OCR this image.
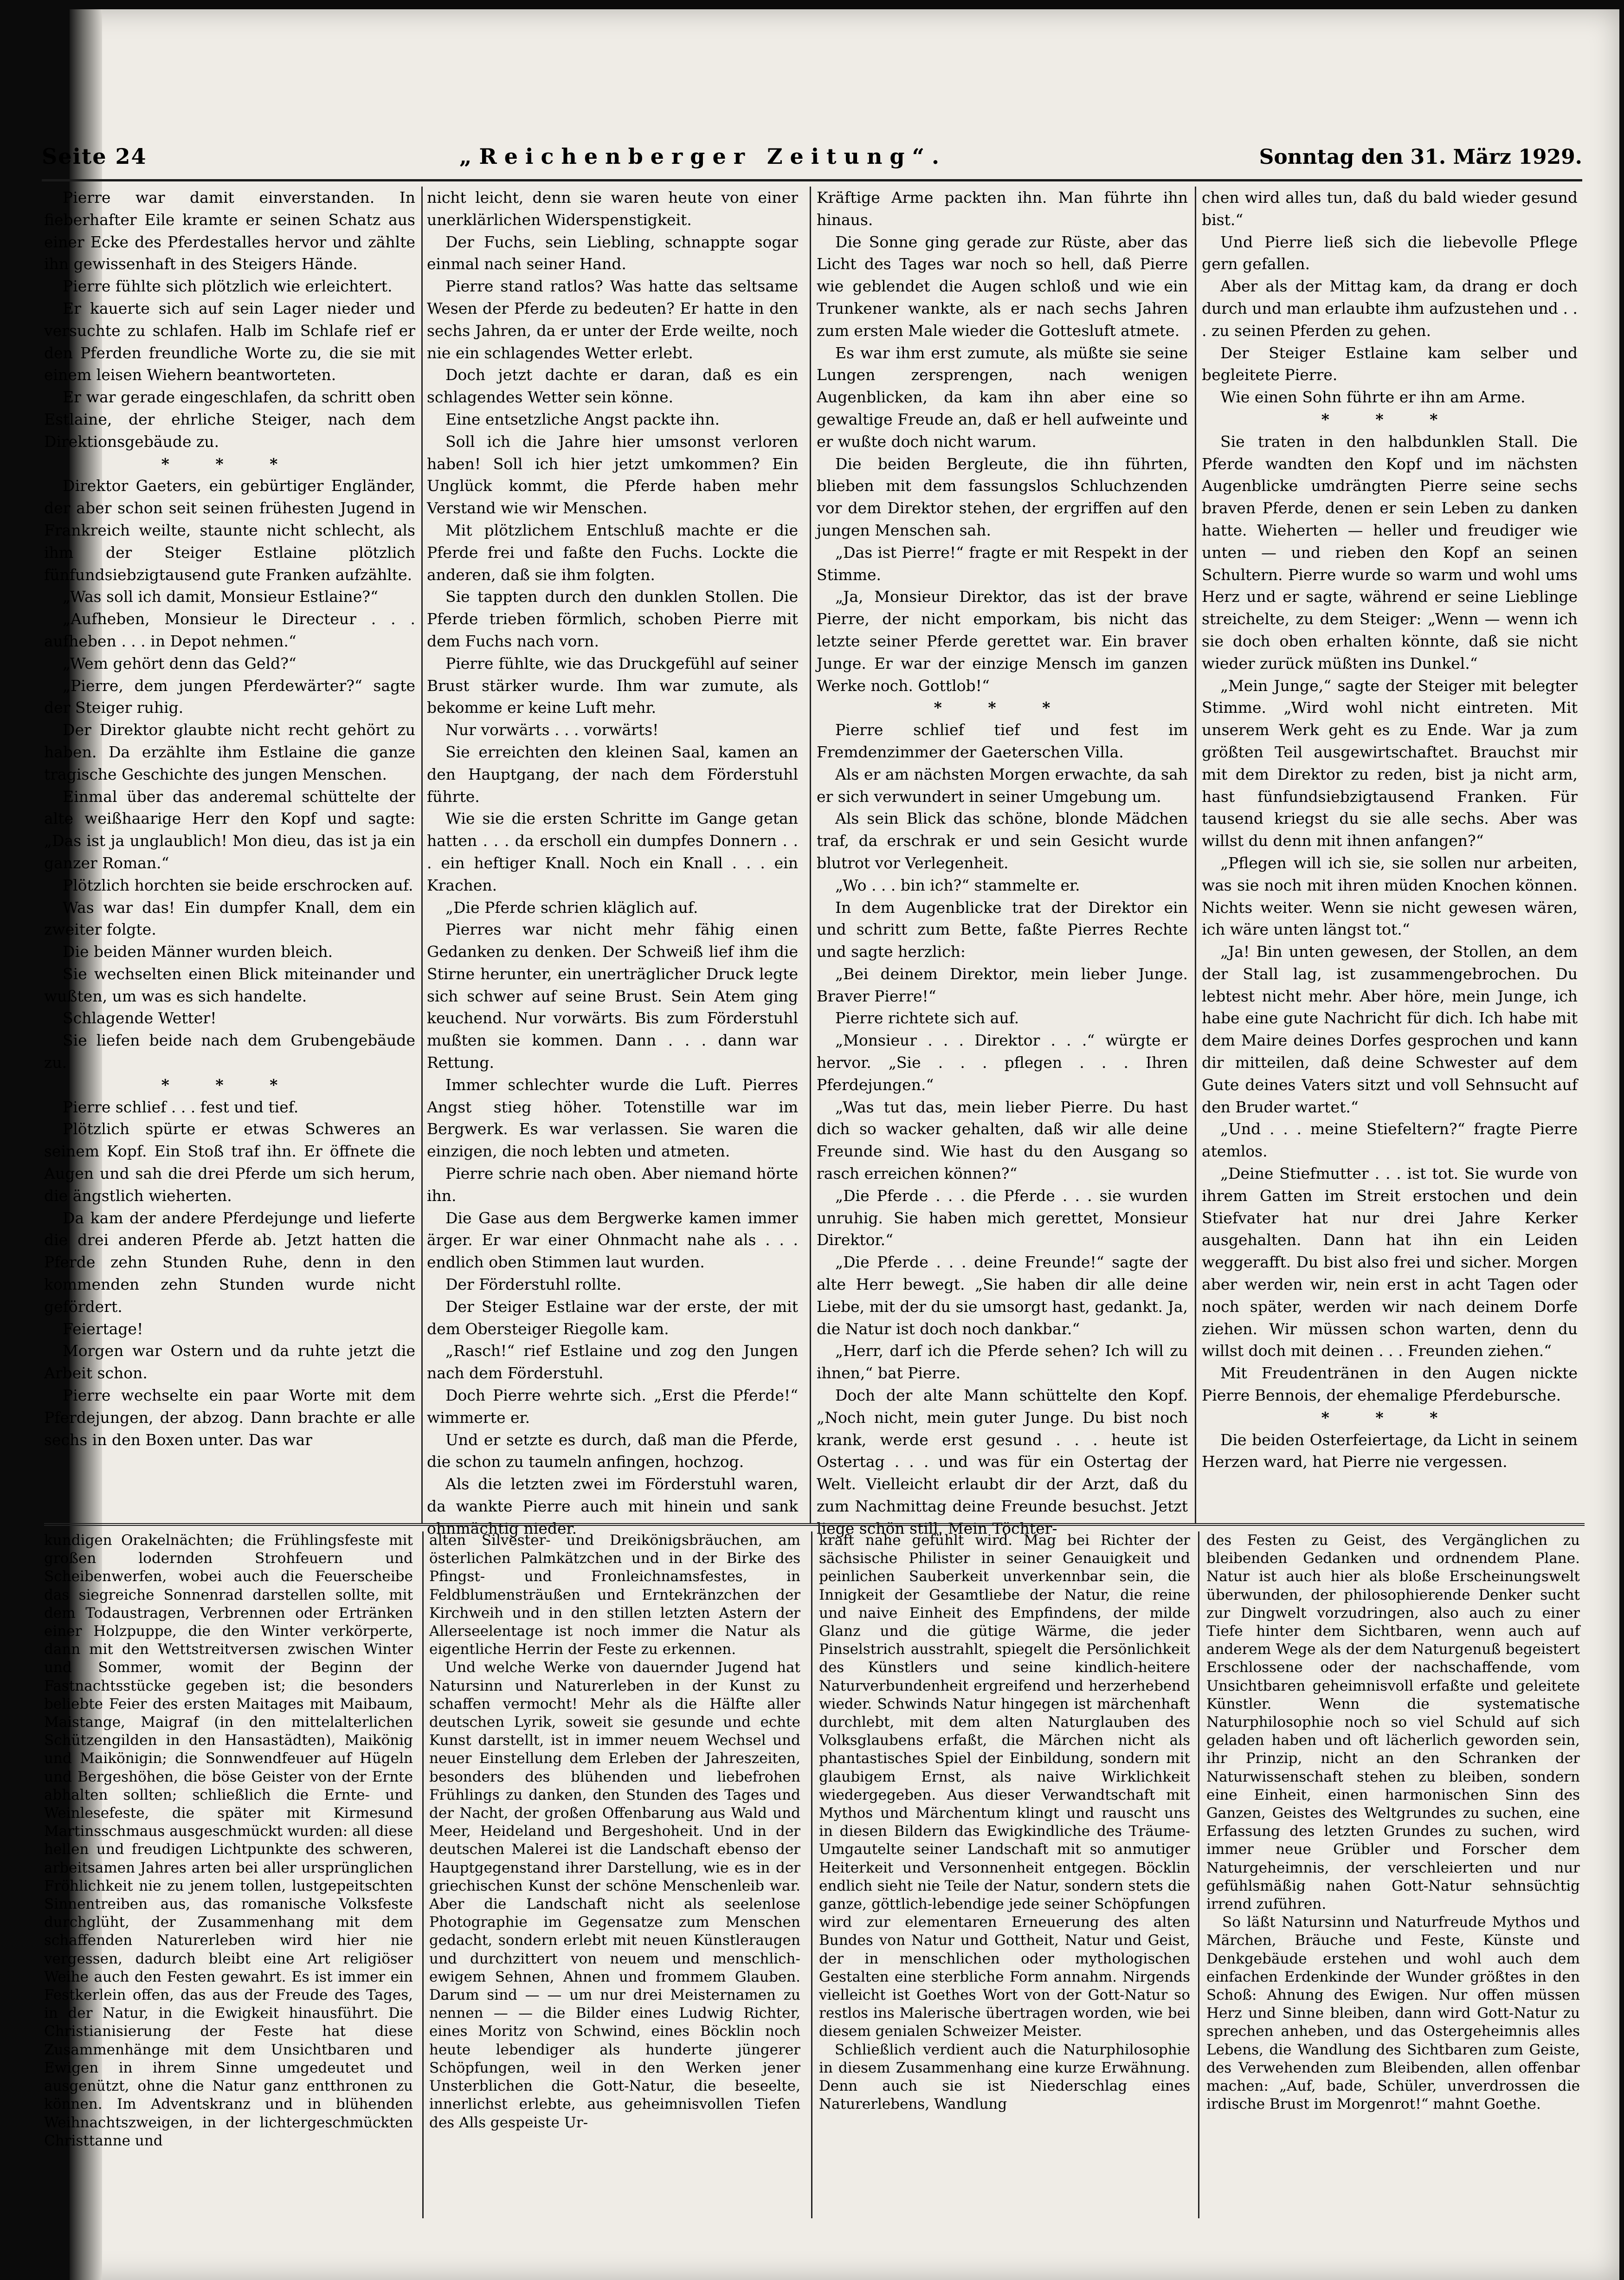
Seite 24	„Reichenberger Zeitung“.	Sonntag den 31. März 1929.

Pierre war damit einverstanden. In fieberhafter Eile kramte er seinen Schatz aus einer Ecke des Pferdestalles hervor und zählte ihn gewissenhaft in des Steigers Hände.

Pierre fühlte sich plötzlich wie erleichtert.

Er kauerte sich auf sein Lager nieder und versuchte zu schlafen. Halb im Schlafe rief er den Pferden freundliche Worte zu, die sie mit einem leisen Wiehern beantworteten.

Er war gerade eingeschlafen, da schritt oben Estlaine, der ehrliche Steiger, nach dem Direktionsgebäude zu.

* * *

Direktor Gaeters, ein gebürtiger Engländer, der aber schon seit seinen frühesten Jugend in Frankreich weilte, staunte nicht schlecht, als ihm der Steiger Estlaine plötzlich fünfundsiebzigtausend gute Franken aufzählte.

„Was soll ich damit, Monsieur Estlaine?“

„Aufheben, Monsieur le Directeur . . . aufheben . . . in Depot nehmen.“

„Wem gehört denn das Geld?“

„Pierre, dem jungen Pferdewärter?“ sagte der Steiger ruhig.

Der Direktor glaubte nicht recht gehört zu haben. Da erzählte ihm Estlaine die ganze tragische Geschichte des jungen Menschen.

Einmal über das anderemal schüttelte der alte weißhaarige Herr den Kopf und sagte: „Das ist ja unglaublich! Mon dieu, das ist ja ein ganzer Roman.“

Plötzlich horchten sie beide erschrocken auf.

Was war das! Ein dumpfer Knall, dem ein zweiter folgte.

Die beiden Männer wurden bleich.

Sie wechselten einen Blick miteinander und wußten, um was es sich handelte.

Schlagende Wetter!

Sie liefen beide nach dem Grubengebäude zu.

* * *

Pierre schlief . . . fest und tief.

Plötzlich spürte er etwas Schweres an seinem Kopf. Ein Stoß traf ihn. Er öffnete die Augen und sah die drei Pferde um sich herum, die ängstlich wieherten.

Da kam der andere Pferdejunge und lieferte die drei anderen Pferde ab. Jetzt hatten die Pferde zehn Stunden Ruhe, denn in den kommenden zehn Stunden wurde nicht gefördert.

Feiertage!

Morgen war Ostern und da ruhte jetzt die Arbeit schon.

Pierre wechselte ein paar Worte mit dem Pferdejungen, der abzog. Dann brachte er alle sechs in den Boxen unter. Das war

nicht leicht, denn sie waren heute von einer unerklärlichen Widerspenstigkeit.

Der Fuchs, sein Liebling, schnappte sogar einmal nach seiner Hand.

Pierre stand ratlos? Was hatte das seltsame Wesen der Pferde zu bedeuten? Er hatte in den sechs Jahren, da er unter der Erde weilte, noch nie ein schlagendes Wetter erlebt.

Doch jetzt dachte er daran, daß es ein schlagendes Wetter sein könne.

Eine entsetzliche Angst packte ihn.

Soll ich die Jahre hier umsonst verloren haben! Soll ich hier jetzt umkommen? Ein Unglück kommt, die Pferde haben mehr Verstand wie wir Menschen.

Mit plötzlichem Entschluß machte er die Pferde frei und faßte den Fuchs. Lockte die anderen, daß sie ihm folgten.

Sie tappten durch den dunklen Stollen. Die Pferde trieben förmlich, schoben Pierre mit dem Fuchs nach vorn.

Pierre fühlte, wie das Druckgefühl auf seiner Brust stärker wurde. Ihm war zumute, als bekomme er keine Luft mehr.

Nur vorwärts . . . vorwärts!

Sie erreichten den kleinen Saal, kamen an den Hauptgang, der nach dem Förderstuhl führte.

Wie sie die ersten Schritte im Gange getan hatten . . . da erscholl ein dumpfes Donnern . . . ein heftiger Knall. Noch ein Knall . . . ein Krachen.

„Die Pferde schrien kläglich auf.

Pierres war nicht mehr fähig einen Gedanken zu denken. Der Schweiß lief ihm die Stirne herunter, ein unerträglicher Druck legte sich schwer auf seine Brust. Sein Atem ging keuchend. Nur vorwärts. Bis zum Förderstuhl mußten sie kommen. Dann . . . dann war Rettung.

Immer schlechter wurde die Luft. Pierres Angst stieg höher. Totenstille war im Bergwerk. Es war verlassen. Sie waren die einzigen, die noch lebten und atmeten.

Pierre schrie nach oben. Aber niemand hörte ihn.

Die Gase aus dem Bergwerke kamen immer ärger. Er war einer Ohnmacht nahe als . . . endlich oben Stimmen laut wurden.

Der Förderstuhl rollte.

Der Steiger Estlaine war der erste, der mit dem Obersteiger Riegolle kam.

„Rasch!“ rief Estlaine und zog den Jungen nach dem Förderstuhl.

Doch Pierre wehrte sich. „Erst die Pferde!“ wimmerte er.

Und er setzte es durch, daß man die Pferde, die schon zu taumeln anfingen, hochzog.

Als die letzten zwei im Förderstuhl waren, da wankte Pierre auch mit hinein und sank ohnmächtig nieder.

Kräftige Arme packten ihn. Man führte ihn hinaus.

Die Sonne ging gerade zur Rüste, aber das Licht des Tages war noch so hell, daß Pierre wie geblendet die Augen schloß und wie ein Trunkener wankte, als er nach sechs Jahren zum ersten Male wieder die Gottesluft atmete.

Es war ihm erst zumute, als müßte sie seine Lungen zersprengen, nach wenigen Augenblicken, da kam ihn aber eine so gewaltige Freude an, daß er hell aufweinte und er wußte doch nicht warum.

Die beiden Bergleute, die ihn führten, blieben mit dem fassungslos Schluchzenden vor dem Direktor stehen, der ergriffen auf den jungen Menschen sah.

„Das ist Pierre!“ fragte er mit Respekt in der Stimme.

„Ja, Monsieur Direktor, das ist der brave Pierre, der nicht emporkam, bis nicht das letzte seiner Pferde gerettet war. Ein braver Junge. Er war der einzige Mensch im ganzen Werke noch. Gottlob!“

* * *

Pierre schlief tief und fest im Fremdenzimmer der Gaeterschen Villa.

Als er am nächsten Morgen erwachte, da sah er sich verwundert in seiner Umgebung um.

Als sein Blick das schöne, blonde Mädchen traf, da erschrak er und sein Gesicht wurde blutrot vor Verlegenheit.

„Wo . . . bin ich?“ stammelte er.

In dem Augenblicke trat der Direktor ein und schritt zum Bette, faßte Pierres Rechte und sagte herzlich:

„Bei deinem Direktor, mein lieber Junge. Braver Pierre!“

Pierre richtete sich auf.

„Monsieur . . . Direktor . . .“ würgte er hervor. „Sie . . . pflegen . . . Ihren Pferdejungen.“

„Was tut das, mein lieber Pierre. Du hast dich so wacker gehalten, daß wir alle deine Freunde sind. Wie hast du den Ausgang so rasch erreichen können?“

„Die Pferde . . . die Pferde . . . sie wurden unruhig. Sie haben mich gerettet, Monsieur Direktor.“

„Die Pferde . . . deine Freunde!“ sagte der alte Herr bewegt. „Sie haben dir alle deine Liebe, mit der du sie umsorgt hast, gedankt. Ja, die Natur ist doch noch dankbar.“

„Herr, darf ich die Pferde sehen? Ich will zu ihnen,“ bat Pierre.

Doch der alte Mann schüttelte den Kopf. „Noch nicht, mein guter Junge. Du bist noch krank, werde erst gesund . . . heute ist Ostertag . . . und was für ein Ostertag der Welt. Vielleicht erlaubt dir der Arzt, daß du zum Nachmittag deine Freunde besuchst. Jetzt liege schön still. Mein Töchter-

chen wird alles tun, daß du bald wieder gesund bist.“

Und Pierre ließ sich die liebevolle Pflege gern gefallen.

Aber als der Mittag kam, da drang er doch durch und man erlaubte ihm aufzustehen und . . . zu seinen Pferden zu gehen.

Der Steiger Estlaine kam selber und begleitete Pierre.

Wie einen Sohn führte er ihn am Arme.

* * *

Sie traten in den halbdunklen Stall. Die Pferde wandten den Kopf und im nächsten Augenblicke umdrängten Pierre seine sechs braven Pferde, denen er sein Leben zu danken hatte. Wieherten — heller und freudiger wie unten — und rieben den Kopf an seinen Schultern. Pierre wurde so warm und wohl ums Herz und er sagte, während er seine Lieblinge streichelte, zu dem Steiger: „Wenn — wenn ich sie doch oben erhalten könnte, daß sie nicht wieder zurück müßten ins Dunkel.“

„Mein Junge,“ sagte der Steiger mit belegter Stimme. „Wird wohl nicht eintreten. Mit unserem Werk geht es zu Ende. War ja zum größten Teil ausgewirtschaftet. Brauchst mir mit dem Direktor zu reden, bist ja nicht arm, hast fünfundsiebzigtausend Franken. Für tausend kriegst du sie alle sechs. Aber was willst du denn mit ihnen anfangen?“

„Pflegen will ich sie, sie sollen nur arbeiten, was sie noch mit ihren müden Knochen können. Nichts weiter. Wenn sie nicht gewesen wären, ich wäre unten längst tot.“

„Ja! Bin unten gewesen, der Stollen, an dem der Stall lag, ist zusammengebrochen. Du lebtest nicht mehr. Aber höre, mein Junge, ich habe eine gute Nachricht für dich. Ich habe mit dem Maire deines Dorfes gesprochen und kann dir mitteilen, daß deine Schwester auf dem Gute deines Vaters sitzt und voll Sehnsucht auf den Bruder wartet.“

„Und . . . meine Stiefeltern?“ fragte Pierre atemlos.

„Deine Stiefmutter . . . ist tot. Sie wurde von ihrem Gatten im Streit erstochen und dein Stiefvater hat nur drei Jahre Kerker ausgehalten. Dann hat ihn ein Leiden weggerafft. Du bist also frei und sicher. Morgen aber werden wir, nein erst in acht Tagen oder noch später, werden wir nach deinem Dorfe ziehen. Wir müssen schon warten, denn du willst doch mit deinen . . . Freunden ziehen.“

Mit Freudentränen in den Augen nickte Pierre Bennois, der ehemalige Pferdebursche.

* * *

Die beiden Osterfeiertage, da Licht in seinem Herzen ward, hat Pierre nie vergessen.

kundigen Orakelnächten; die Frühlingsfeste mit großen lodernden Strohfeuern und Scheibenwerfen, wobei auch die Feuerscheibe das siegreiche Sonnenrad darstellen sollte, mit dem Todaustragen, Verbrennen oder Ertränken einer Holzpuppe, die den Winter verkörperte, dann mit den Wettstreitversen zwischen Winter und Sommer, womit der Beginn der Fastnachtsstücke gegeben ist; die besonders beliebte Feier des ersten Maitages mit Maibaum, Maistange, Maigraf (in den mittelalterlichen Schützengilden in den Hansastädten), Maikönig und Maikönigin; die Sonnwendfeuer auf Hügeln und Bergeshöhen, die böse Geister von der Ernte abhalten sollten; schließlich die Ernte- und Weinlesefeste, die später mit Kirmesund Martinsschmaus ausgeschmückt wurden: all diese hellen und freudigen Lichtpunkte des schweren, arbeitsamen Jahres arten bei aller ursprünglichen Fröhlichkeit nie zu jenem tollen, lustgepeitschten Sinnentreiben aus, das romanische Volksfeste durchglüht, der Zusammenhang mit dem schaffenden Naturerleben wird hier nie vergessen, dadurch bleibt eine Art religiöser Weihe auch den Festen gewahrt. Es ist immer ein Festkerlein offen, das aus der Freude des Tages, in der Natur, in die Ewigkeit hinausführt. Die Christianisierung der Feste hat diese Zusammenhänge mit dem Unsichtbaren und Ewigen in ihrem Sinne umgedeutet und ausgenützt, ohne die Natur ganz entthronen zu können. Im Adventskranz und in blühenden Weihnachtszweigen, in der lichtergeschmückten Christtanne und

alten Silvester- und Dreikönigsbräuchen, am österlichen Palmkätzchen und in der Birke des Pfingst- und Fronleichnamsfestes, in Feldblumensträußen und Erntekränzchen der Kirchweih und in den stillen letzten Astern der Allerseelentage ist noch immer die Natur als eigentliche Herrin der Feste zu erkennen.

Und welche Werke von dauernder Jugend hat Natursinn und Naturerleben in der Kunst zu schaffen vermocht! Mehr als die Hälfte aller deutschen Lyrik, soweit sie gesunde und echte Kunst darstellt, ist in immer neuem Wechsel und neuer Einstellung dem Erleben der Jahreszeiten, besonders des blühenden und liebefrohen Frühlings zu danken, den Stunden des Tages und der Nacht, der großen Offenbarung aus Wald und Meer, Heideland und Bergeshoheit. Und in der deutschen Malerei ist die Landschaft ebenso der Hauptgegenstand ihrer Darstellung, wie es in der griechischen Kunst der schöne Menschenleib war. Aber die Landschaft nicht als seelenlose Photographie im Gegensatze zum Menschen gedacht, sondern erlebt mit neuen Künstleraugen und durchzittert von neuem und menschlich-ewigem Sehnen, Ahnen und frommem Glauben. Darum sind — — um nur drei Meisternamen zu nennen — — die Bilder eines Ludwig Richter, eines Moritz von Schwind, eines Böcklin noch heute lebendiger als hunderte jüngerer Schöpfungen, weil in den Werken jener Unsterblichen die Gott-Natur, die beseelte, innerlichst erlebte, aus geheimnisvollen Tiefen des Alls gespeiste Ur-

kraft nahe gefühlt wird. Mag bei Richter der sächsische Philister in seiner Genauigkeit und peinlichen Sauberkeit unverkennbar sein, die Innigkeit der Gesamtliebe der Natur, die reine und naive Einheit des Empfindens, der milde Glanz und die gütige Wärme, die jeder Pinselstrich ausstrahlt, spiegelt die Persönlichkeit des Künstlers und seine kindlich-heitere Naturverbundenheit ergreifend und herzerhebend wieder. Schwinds Natur hingegen ist märchenhaft durchlebt, mit dem alten Naturglauben des Volksglaubens erfaßt, die Märchen nicht als phantastisches Spiel der Einbildung, sondern mit glaubigem Ernst, als naive Wirklichkeit wiedergegeben. Aus dieser Verwandtschaft mit Mythos und Märchentum klingt und rauscht uns in diesen Bildern das Ewigkindliche des Träume-Umgautelte seiner Landschaft mit so anmutiger Heiterkeit und Versonnenheit entgegen. Böcklin endlich sieht nie Teile der Natur, sondern stets die ganze, göttlich-lebendige jede seiner Schöpfungen wird zur elementaren Erneuerung des alten Bundes von Natur und Gottheit, Natur und Geist, der in menschlichen oder mythologischen Gestalten eine sterbliche Form annahm. Nirgends vielleicht ist Goethes Wort von der Gott-Natur so restlos ins Malerische übertragen worden, wie bei diesem genialen Schweizer Meister.

Schließlich verdient auch die Naturphilosophie in diesem Zusammenhang eine kurze Erwähnung. Denn auch sie ist Niederschlag eines Naturerlebens, Wandlung

des Festen zu Geist, des Vergänglichen zu bleibenden Gedanken und ordnendem Plane. Natur ist auch hier als bloße Erscheinungswelt überwunden, der philosophierende Denker sucht zur Dingwelt vorzudringen, also auch zu einer Tiefe hinter dem Sichtbaren, wenn auch auf anderem Wege als der dem Naturgenuß begeistert Erschlossene oder der nachschaffende, vom Unsichtbaren geheimnisvoll erfaßte und geleitete Künstler. Wenn die systematische Naturphilosophie noch so viel Schuld auf sich geladen haben und oft lächerlich geworden sein, ihr Prinzip, nicht an den Schranken der Naturwissenschaft stehen zu bleiben, sondern eine Einheit, einen harmonischen Sinn des Ganzen, Geistes des Weltgrundes zu suchen, eine Erfassung des letzten Grundes zu suchen, wird immer neue Grübler und Forscher dem Naturgeheimnis, der verschleierten und nur gefühlsmäßig nahen Gott-Natur sehnsüchtig irrend zuführen.

So läßt Natursinn und Naturfreude Mythos und Märchen, Bräuche und Feste, Künste und Denkgebäude erstehen und wohl auch dem einfachen Erdenkinde der Wunder größtes in den Schoß: Ahnung des Ewigen. Nur offen müssen Herz und Sinne bleiben, dann wird Gott-Natur zu sprechen anheben, und das Ostergeheimnis alles Lebens, die Wandlung des Sichtbaren zum Geiste, des Verwehenden zum Bleibenden, allen offenbar machen: „Auf, bade, Schüler, unverdrossen die irdische Brust im Morgenrot!“ mahnt Goethe.
